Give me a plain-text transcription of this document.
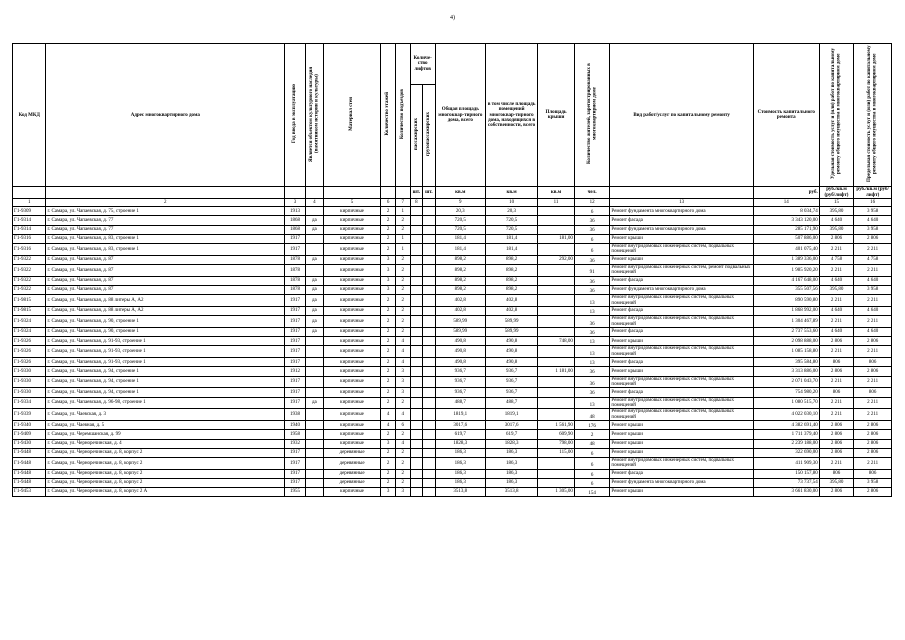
4)
Код МКД	Адрес многоквартирного дома	Год ввода в эксплуатацию	Является объектом культурного наследия (памятником истории и культуры)	Материал стен	Количество этажей	Количество подъездов	Количе-ство лифтов		Общая площадь многоквар-тирного дома, всего	в том числе площадь помещений многоквар-тирного дома, находящихся в собственности, всего	Площадь крыши	Количество жителей, зарегистрированных в многоквартирном доме	Вид работ/услуг по капитальному ремонту	Стоимость капитального ремонта	Удельная стоимость услуг и (или) работ по капитальному ремонту общего имущества в многоквартирном доме	Предельная стоимость услуг и (или) работ по капитальному ремонту общего имущества в многоквартирном доме
							пассажирских	грузопассажирских								

							шт.	шт.	кв.м	кв.м	кв.м	чел.		руб.	руб./кв.м (руб/лифт)	руб./кв.м (руб/лифт)
1	2	3	4	5	6	7	8		9	10	11	12	13	14	15	16
Г1-9309	г. Самара, ул. Чапаевская, д. 75, строение 1	1913		кирпичные	2	1			20,3	20,3		6	Ремонт фундамента многоквартирного дома	8 034,74	395,80	3 958
Г1-9314	г. Самара, ул. Чапаевская, д. 77	1868	да	кирпичные	2	2			720,5	720,5		36	Ремонт фасада	3 343 120,00	4 640	4 640
Г1-9314	г. Самара, ул. Чапаевская, д. 77	1868	да	кирпичные	2	2			720,5	720,5		36	Ремонт фундамента многоквартирного дома	285 171,90	395,80	3 958
Г1-9316	г. Самара, ул. Чапаевская, д. 83, строение 1	1917		кирпичные	2	1			181,4	181,4	181,00	6	Ремонт крыши	507 886,00	2 806	2 806
Г1-9316	г. Самара, ул. Чапаевская, д. 83, строение 1	1917		кирпичные	2	1			181,4	181,4		6	Ремонт внутридомовых инженерных систем, подвальных помещений	401 075,40	2 211	2 211
Г1-9322	г. Самара, ул. Чапаевская, д. 87	1878	да	кирпичные	3	2			898,2	898,2	292,00	36	Ремонт крыши	1 389 336,00	4 758	4 758
Г1-9322	г. Самара, ул. Чапаевская, д. 87	1878		кирпичные	3	2			898,2	898,2		91	Ремонт внутридомовых инженерных систем, ремонт подвальных помещений	1 985 920,20	2 211	2 211
Г1-9322	г. Самара, ул. Чапаевская, д. 87	1878	да	кирпичные	3	2			898,2	898,2		36	Ремонт фасада	4 167 648,00	4 640	4 640
Г1-9322	г. Самара, ул. Чапаевская, д. 87	1878	да	кирпичные	3	2			898,2	898,2		36	Ремонт фундамента многоквартирного дома	355 507,56	395,80	3 958
Г1-9815	г. Самара, ул. Чапаевская, д. 88 литеры А, А2	1917	да	кирпичные	2	2			402,8	402,8		13	Ремонт внутридомовых инженерных систем, подвальных помещений	890 590,80	2 211	2 211
Г1-9815	г. Самара, ул. Чапаевская, д. 88 литеры А, А2	1917	да	кирпичные	2	2			402,8	402,8		13	Ремонт фасада	1 868 992,00	4 640	4 640
Г1-9324	г. Самара, ул. Чапаевская, д. 90, строение 1	1917	да	кирпичные	2	2			589,99	589,99		36	Ремонт внутридомовых инженерных систем, подвальных помещений	1 304 467,89	2 211	2 211
Г1-9324	г. Самара, ул. Чапаевская, д. 90, строение 1	1917	да	кирпичные	2	2			589,99	589,99		36	Ремонт фасада	2 737 553,60	4 640	4 640
Г1-9326	г. Самара, ул. Чапаевская, д. 91-93, строение 1	1917		кирпичные	2	4			490,8	490,8	748,00	13	Ремонт крыши	2 098 888,00	2 806	2 806
Г1-9326	г. Самара, ул. Чапаевская, д. 91-93, строение 1	1917		кирпичные	2	4			490,8	490,8		13	Ремонт внутридомовых инженерных систем, подвальных помещений	1 085 158,80	2 211	2 211
Г1-9326	г. Самара, ул. Чапаевская, д. 91-93, строение 1	1917		кирпичные	2	4			490,8	490,8		13	Ремонт фасада	395 584,80	806	806
Г1-9330	г. Самара, ул. Чапаевская, д. 94, строение 1	1912		кирпичные	2	3			936,7	936,7	1 181,00	36	Ремонт крыши	3 313 886,00	2 806	2 806
Г1-9330	г. Самара, ул. Чапаевская, д. 94, строение 1	1917		кирпичные	2	3			936,7	936,7		36	Ремонт внутридомовых инженерных систем, подвальных помещений	2 071 043,70	2 211	2 211
Г1-9330	г. Самара, ул. Чапаевская, д. 94, строение 1	1917		кирпичные	2	3			936,7	936,7		36	Ремонт фасада	754 980,20	806	806
Г1-9334	г. Самара, ул. Чапаевская, д. 96-98, строение 1	1917	да	кирпичные	2	2			488,7	488,7		13	Ремонт внутридомовых инженерных систем, подвальных помещений	1 080 515,70	2 211	2 211
Г1-9339	г. Самара, ул. Чаевская, д. 3	1938		кирпичные	4	4			1819,1	1819,1		48	Ремонт внутридомовых инженерных систем, подвальных помещений	4 022 030,10	2 211	2 211
Г1-9340	г. Самара, ул. Чаевная, д. 5	1940		кирпичные	4	6			3017,6	3017,6	1 561,90	176	Ремонт крыши	4 382 691,40	2 806	2 806
Г1-9409	г. Самара, ул. Черемшанская, д. 99	1958		кирпичные	2	2			619,7	619,7	609,90	2	Ремонт крыши	1 711 379,40	2 806	2 806
Г1-9430	г. Самара, ул. Черноречинская, д. 4	1932		кирпичные	3	4			1828,3	1828,3	798,00	48	Ремонт крыши	2 239 188,00	2 806	2 806
Г1-9448	г. Самара, ул. Черноречинская, д. 8, корпус 2	1917		деревянные	2	2			186,3	186,3	115,00	6	Ремонт крыши	322 690,00	2 806	2 806
Г1-9448	г. Самара, ул. Черноречинская, д. 8, корпус 2	1917		деревянные	2	2			186,3	186,3		6	Ремонт внутридомовых инженерных систем, подвальных помещений	411 909,30	2 211	2 211
Г1-9448	г. Самара, ул. Черноречинская, д. 8, корпус 2	1917		деревянные	2	2			186,3	186,3		6	Ремонт фасада	150 157,80	806	806
Г1-9448	г. Самара, ул. Черноречинская, д. 8, корпус 2	1917		деревянные	2	2			186,3	186,3		6	Ремонт фундамента многоквартирного дома	73 737,54	395,80	3 958
Г1-9453	г. Самара, ул. Черноречинская, д. 8, корпус 2 А	1955		кирпичные	3	3			3513,8	3513,8	1 305,00	154	Ремонт крыши	3 661 830,00	2 806	2 806
